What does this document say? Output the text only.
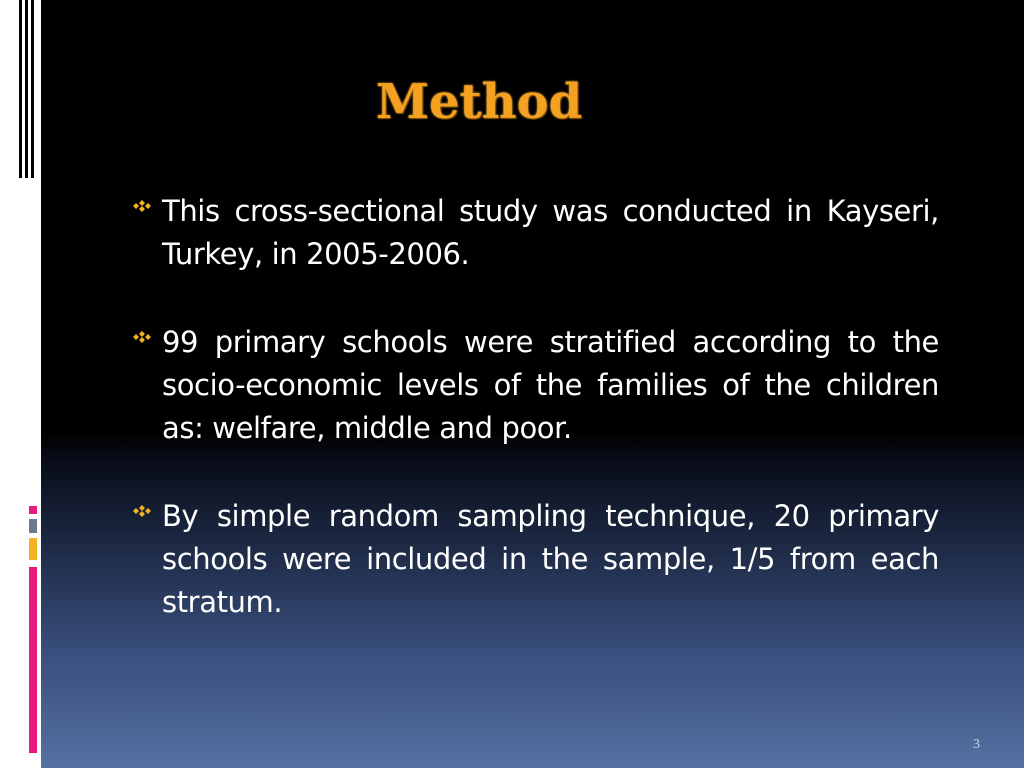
Method
This cross-sectional study was conducted in Kayseri, Turkey, in 2005-2006.
99 primary schools were stratified according to the socio-economic levels of the families of the children as: welfare, middle and poor.
By simple random sampling technique, 20 primary schools were included in the sample, 1/5 from each stratum.
3
